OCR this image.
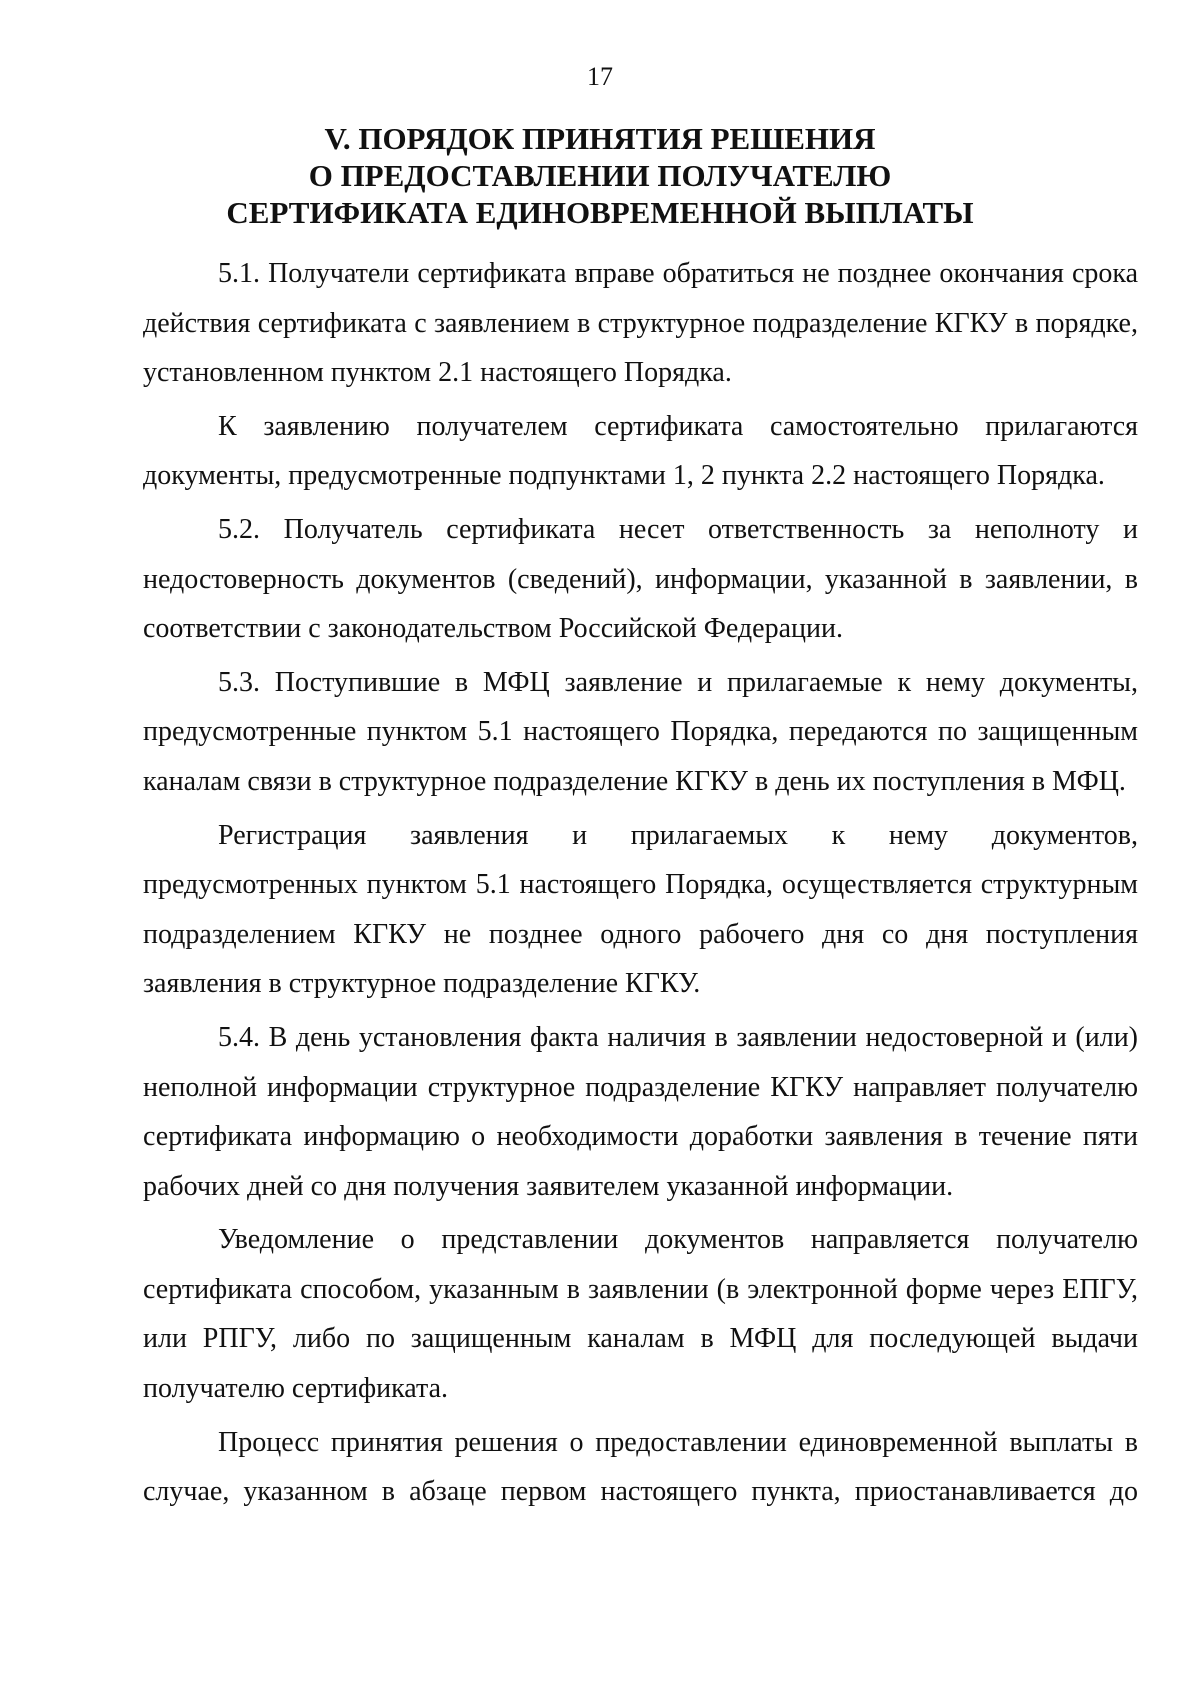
17
V. ПОРЯДОК ПРИНЯТИЯ РЕШЕНИЯ
О ПРЕДОСТАВЛЕНИИ ПОЛУЧАТЕЛЮ
СЕРТИФИКАТА ЕДИНОВРЕМЕННОЙ ВЫПЛАТЫ

5.1. Получатели сертификата вправе обратиться не позднее окончания срока действия сертификата с заявлением в структурное подразделение КГКУ в порядке, установленном пунктом 2.1 настоящего Порядка.

К заявлению получателем сертификата самостоятельно прилагаются документы, предусмотренные подпунктами 1, 2 пункта 2.2 настоящего Порядка.

5.2. Получатель сертификата несет ответственность за неполноту и недостоверность документов (сведений), информации, указанной в заявлении, в соответствии с законодательством Российской Федерации.

5.3. Поступившие в МФЦ заявление и прилагаемые к нему документы, предусмотренные пунктом 5.1 настоящего Порядка, передаются по защищенным каналам связи в структурное подразделение КГКУ в день их поступления в МФЦ.

Регистрация заявления и прилагаемых к нему документов, предусмотренных пунктом 5.1 настоящего Порядка, осуществляется структурным подразделением КГКУ не позднее одного рабочего дня со дня поступления заявления в структурное подразделение КГКУ.

5.4. В день установления факта наличия в заявлении недостоверной и (или) неполной информации структурное подразделение КГКУ направляет получателю сертификата информацию о необходимости доработки заявления в течение пяти рабочих дней со дня получения заявителем указанной информации.

Уведомление о представлении документов направляется получателю сертификата способом, указанным в заявлении (в электронной форме через ЕПГУ, или РПГУ, либо по защищенным каналам в МФЦ для последующей выдачи получателю сертификата.

Процесс принятия решения о предоставлении единовременной выплаты в случае, указанном в абзаце первом настоящего пункта, приостанавливается до
